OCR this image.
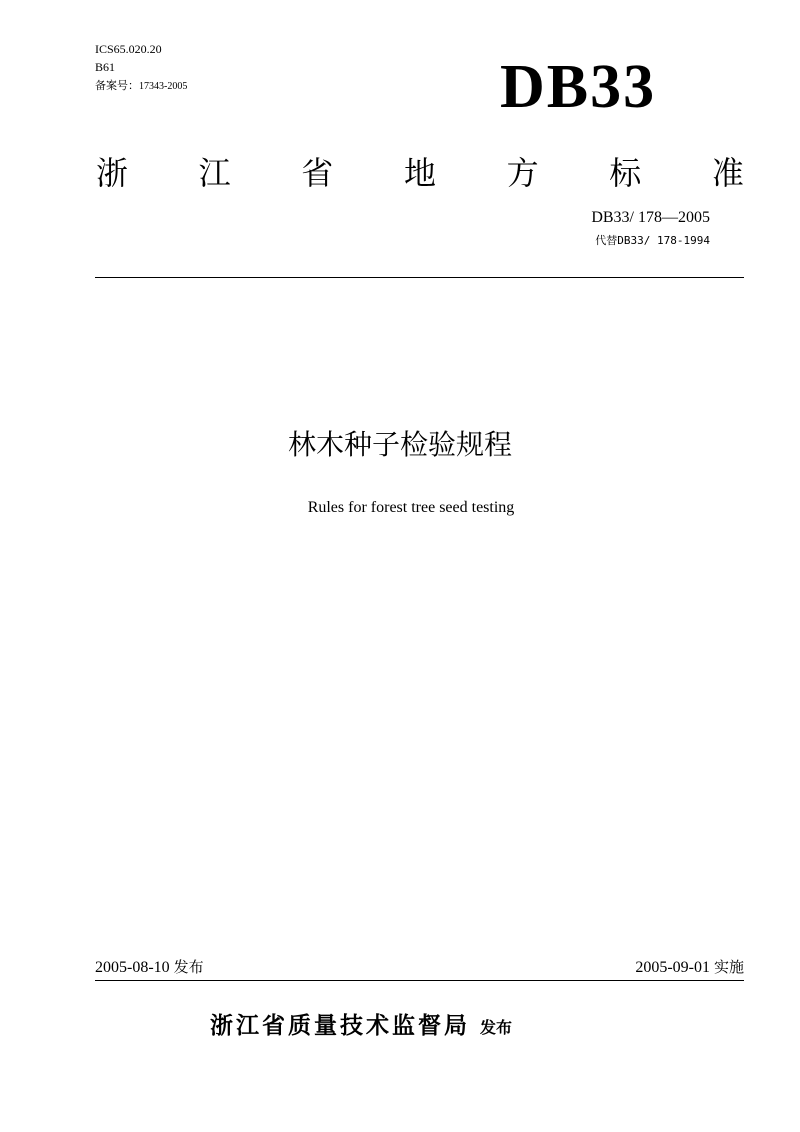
ICS65.020.20
B61
备案号：17343-2005	DB33
浙 江 省 地 方 标 准
DB33/ 178—2005
代替DB33/ 178-1994
林木种子检验规程
Rules for forest tree seed testing
2005-08-10 发布	2005-09-01 实施
浙江省质量技术监督局 发布
